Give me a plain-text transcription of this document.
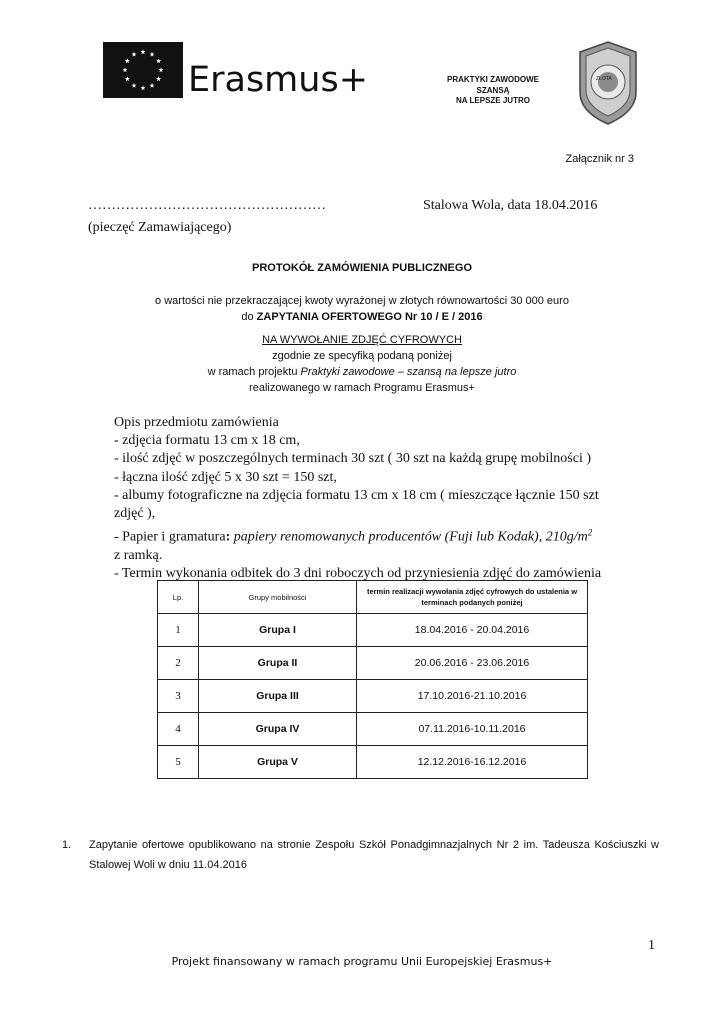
Erasmus+	PRAKTYKI ZAWODOWE
SZANSĄ
NA LEPSZE JUTRO
ZŁOTA
Załącznik nr 3
……………………………………………	Stalowa Wola, data 18.04.2016
(pieczęć Zamawiającego)
PROTOKÓŁ ZAMÓWIENIA PUBLICZNEGO
o wartości nie przekraczającej kwoty wyrażonej w złotych równowartości 30 000 euro
do ZAPYTANIA OFERTOWEGO Nr 10 / E / 2016
NA WYWOŁANIE ZDJĘĆ CYFROWYCH
zgodnie ze specyfiką podaną poniżej
w ramach projektu Praktyki zawodowe – szansą na lepsze jutro
realizowanego w ramach Programu Erasmus+
Opis przedmiotu zamówienia
- zdjęcia formatu 13 cm x 18 cm,
- ilość zdjęć w poszczególnych terminach 30 szt ( 30 szt na każdą grupę mobilności )
- łączna ilość zdjęć 5 x 30 szt = 150 szt,
- albumy fotograficzne na zdjęcia formatu 13 cm x 18 cm ( mieszczące łącznie 150 szt
zdjęć ),
- Papier i gramatura: papiery renomowanych producentów (Fuji lub Kodak), $210g/m^2$
z ramką.
- Termin wykonania odbitek do 3 dni roboczych od przyniesienia zdjęć do zamówienia
Lp.	Grupy mobilności	termin realizacji wywołania zdjęć cyfrowych do ustalenia w terminach podanych poniżej
1	Grupa I	18.04.2016 - 20.04.2016
2	Grupa II	20.06.2016 - 23.06.2016
3	Grupa III	17.10.2016-21.10.2016
4	Grupa IV	07.11.2016-10.11.2016
5	Grupa V	12.12.2016-16.12.2016
1. Zapytanie ofertowe opublikowano na stronie Zespołu Szkół Ponadgimnazjalnych Nr 2 im. Tadeusza Kościuszki w Stalowej Woli w dniu 11.04.2016
1
Projekt finansowany w ramach programu Unii Europejskiej Erasmus+
